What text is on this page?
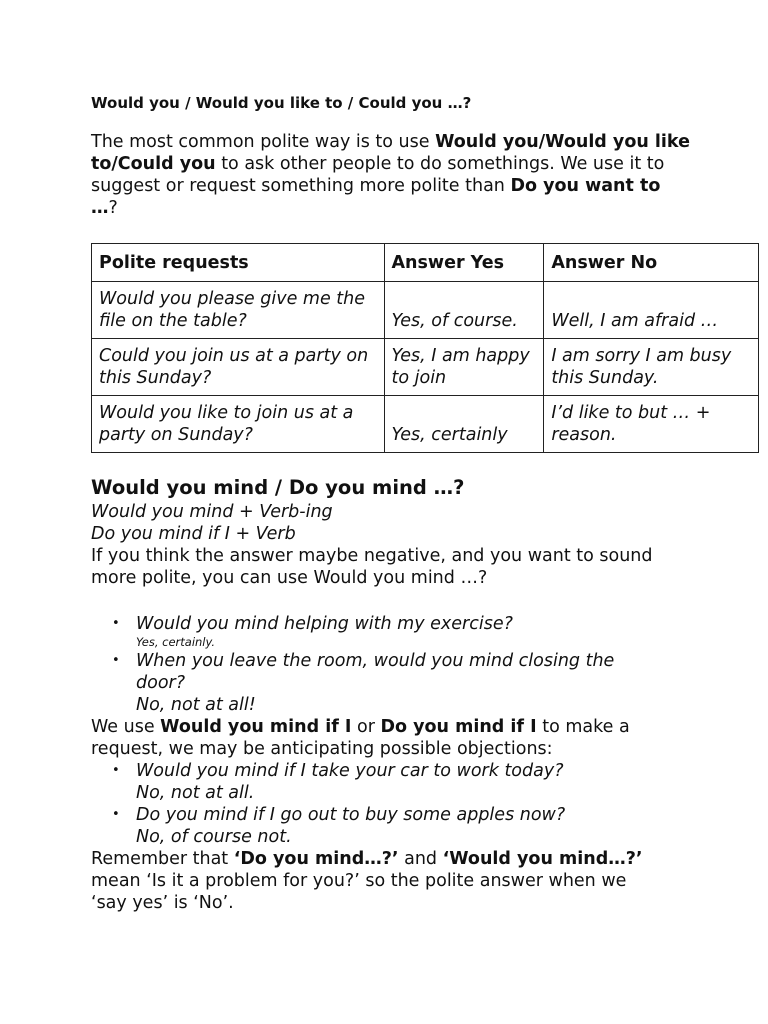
Would you / Would you like to / Could you …?

The most common polite way is to use Would you/Would you like to/Could you to ask other people to do somethings. We use it to suggest or request something more polite than Do you want to …?

Polite requests	Answer Yes	Answer No
Would you please give me the file on the table?	Yes, of course.	Well, I am afraid …
Could you join us at a party on this Sunday?	Yes, I am happy to join	I am sorry I am busy this Sunday.
Would you like to join us at a party on Sunday?	Yes, certainly	I’d like to but … + reason.

Would you mind / Do you mind …?

Would you mind + Verb-ing

Do you mind if I + Verb

If you think the answer maybe negative, and you want to sound more polite, you can use Would you mind …?

• Would you mind helping with my exercise?
Yes, certainly.
• When you leave the room, would you mind closing the door?
No, not at all!

We use Would you mind if I or Do you mind if I to make a request, we may be anticipating possible objections:

• Would you mind if I take your car to work today?
No, not at all.
• Do you mind if I go out to buy some apples now?
No, of course not.

Remember that ‘Do you mind…?’ and ‘Would you mind…?’ mean ‘Is it a problem for you?’ so the polite answer when we ‘say yes’ is ‘No’.
